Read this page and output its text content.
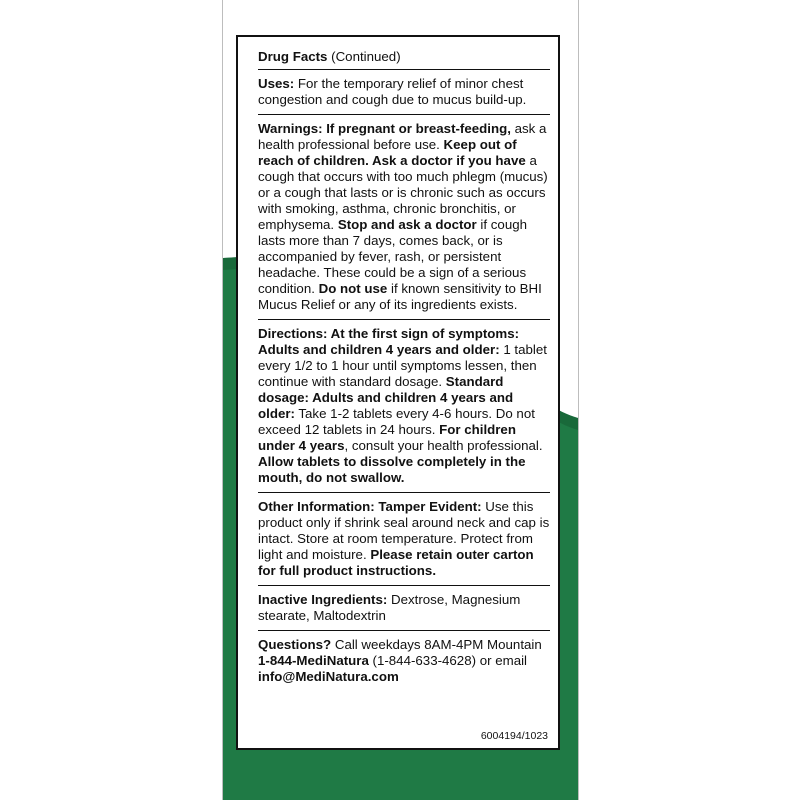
Drug Facts (Continued)

Uses: For the temporary relief of minor chest congestion and cough due to mucus build-up.

Warnings: If pregnant or breast-feeding, ask a health professional before use. Keep out of reach of children. Ask a doctor if you have a cough that occurs with too much phlegm (mucus) or a cough that lasts or is chronic such as occurs with smoking, asthma, chronic bronchitis, or emphysema. Stop and ask a doctor if cough lasts more than 7 days, comes back, or is accompanied by fever, rash, or persistent headache. These could be a sign of a serious condition. Do not use if known sensitivity to BHI Mucus Relief or any of its ingredients exists.

Directions: At the first sign of symptoms: Adults and children 4 years and older: 1 tablet every 1/2 to 1 hour until symptoms lessen, then continue with standard dosage. Standard dosage: Adults and children 4 years and older: Take 1-2 tablets every 4-6 hours. Do not exceed 12 tablets in 24 hours. For children under 4 years, consult your health professional. Allow tablets to dissolve completely in the mouth, do not swallow.

Other Information: Tamper Evident: Use this product only if shrink seal around neck and cap is intact. Store at room temperature. Protect from light and moisture. Please retain outer carton for full product instructions.

Inactive Ingredients: Dextrose, Magnesium stearate, Maltodextrin

Questions? Call weekdays 8AM-4PM Mountain 1-844-MediNatura (1-844-633-4628) or email info@MediNatura.com

6004194/1023
